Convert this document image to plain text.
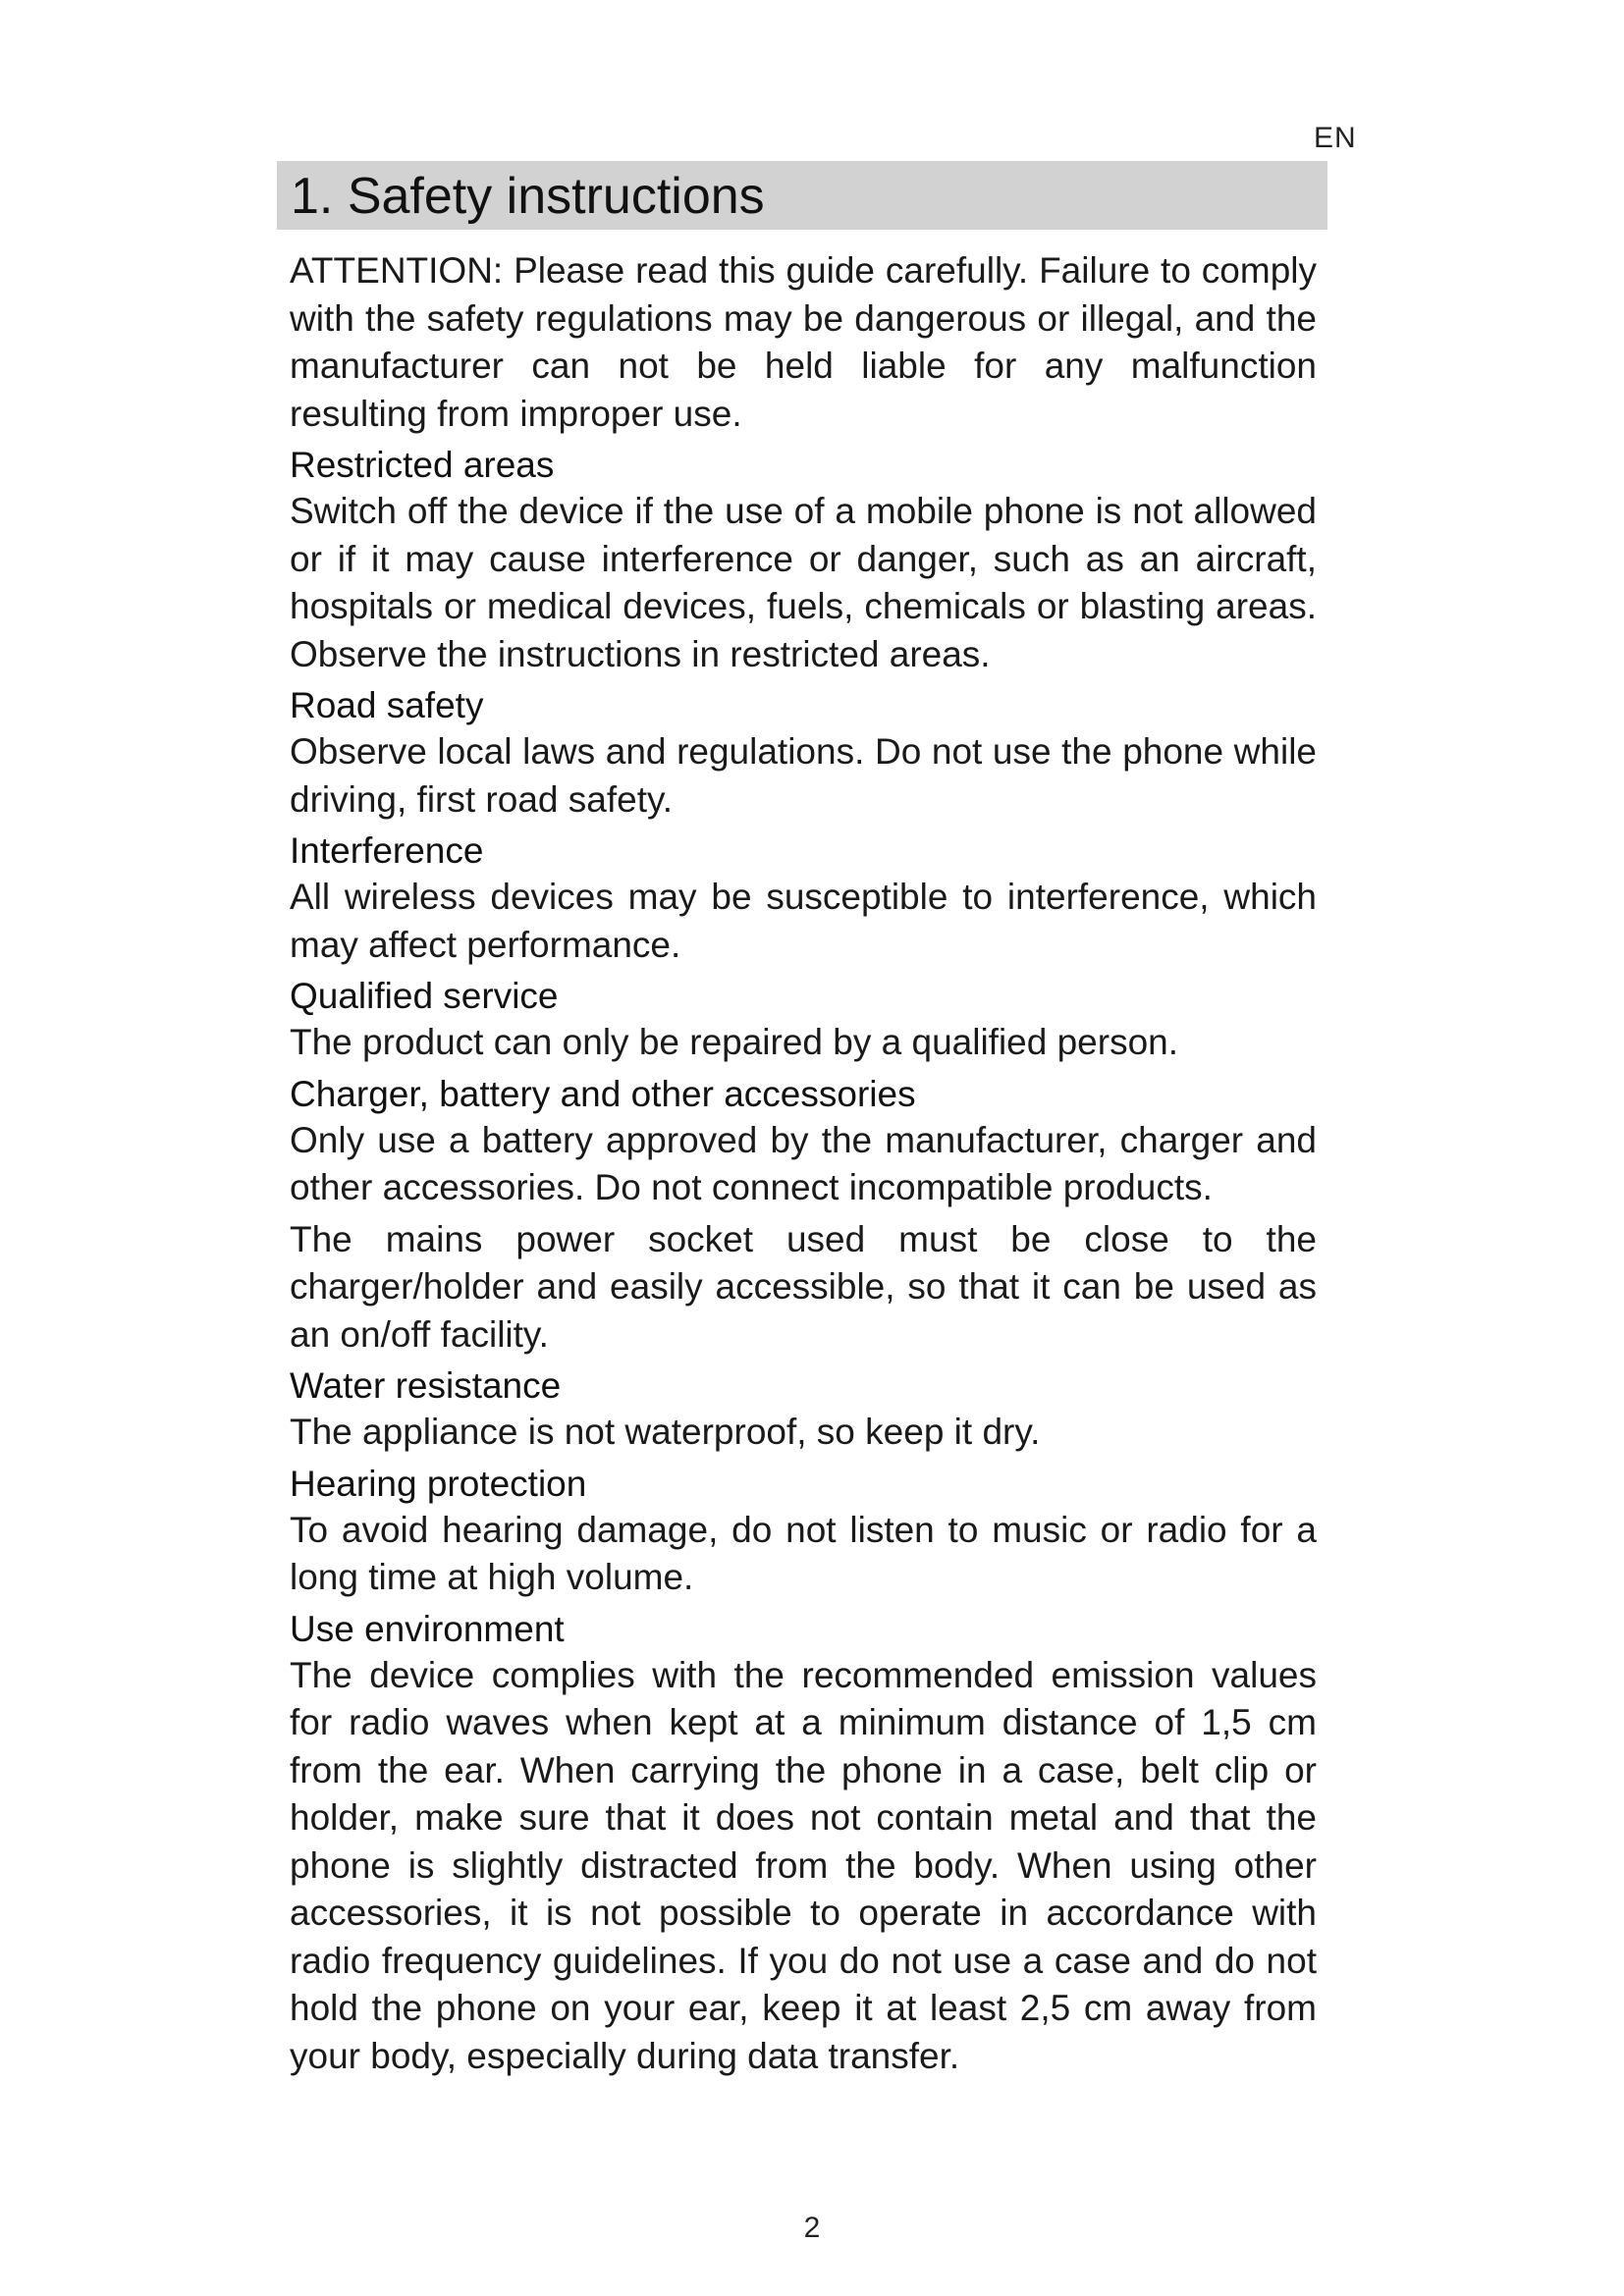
EN
1. Safety instructions

ATTENTION: Please read this guide carefully. Failure to comply with the safety regulations may be dangerous or illegal, and the manufacturer can not be held liable for any malfunction resulting from improper use.

Restricted areas

Switch off the device if the use of a mobile phone is not allowed or if it may cause interference or danger, such as an aircraft, hospitals or medical devices, fuels, chemicals or blasting areas. Observe the instructions in restricted areas.

Road safety

Observe local laws and regulations. Do not use the phone while driving, first road safety.

Interference

All wireless devices may be susceptible to interference, which may affect performance.

Qualified service

The product can only be repaired by a qualified person.

Charger, battery and other accessories

Only use a battery approved by the manufacturer, charger and other accessories. Do not connect incompatible products.

The mains power socket used must be close to the charger/holder and easily accessible, so that it can be used as an on/off facility.

Water resistance

The appliance is not waterproof, so keep it dry.

Hearing protection

To avoid hearing damage, do not listen to music or radio for a long time at high volume.

Use environment

The device complies with the recommended emission values for radio waves when kept at a minimum distance of 1,5 cm from the ear. When carrying the phone in a case, belt clip or holder, make sure that it does not contain metal and that the phone is slightly distracted from the body. When using other accessories, it is not possible to operate in accordance with radio frequency guidelines. If you do not use a case and do not hold the phone on your ear, keep it at least 2,5 cm away from your body, especially during data transfer.

2
